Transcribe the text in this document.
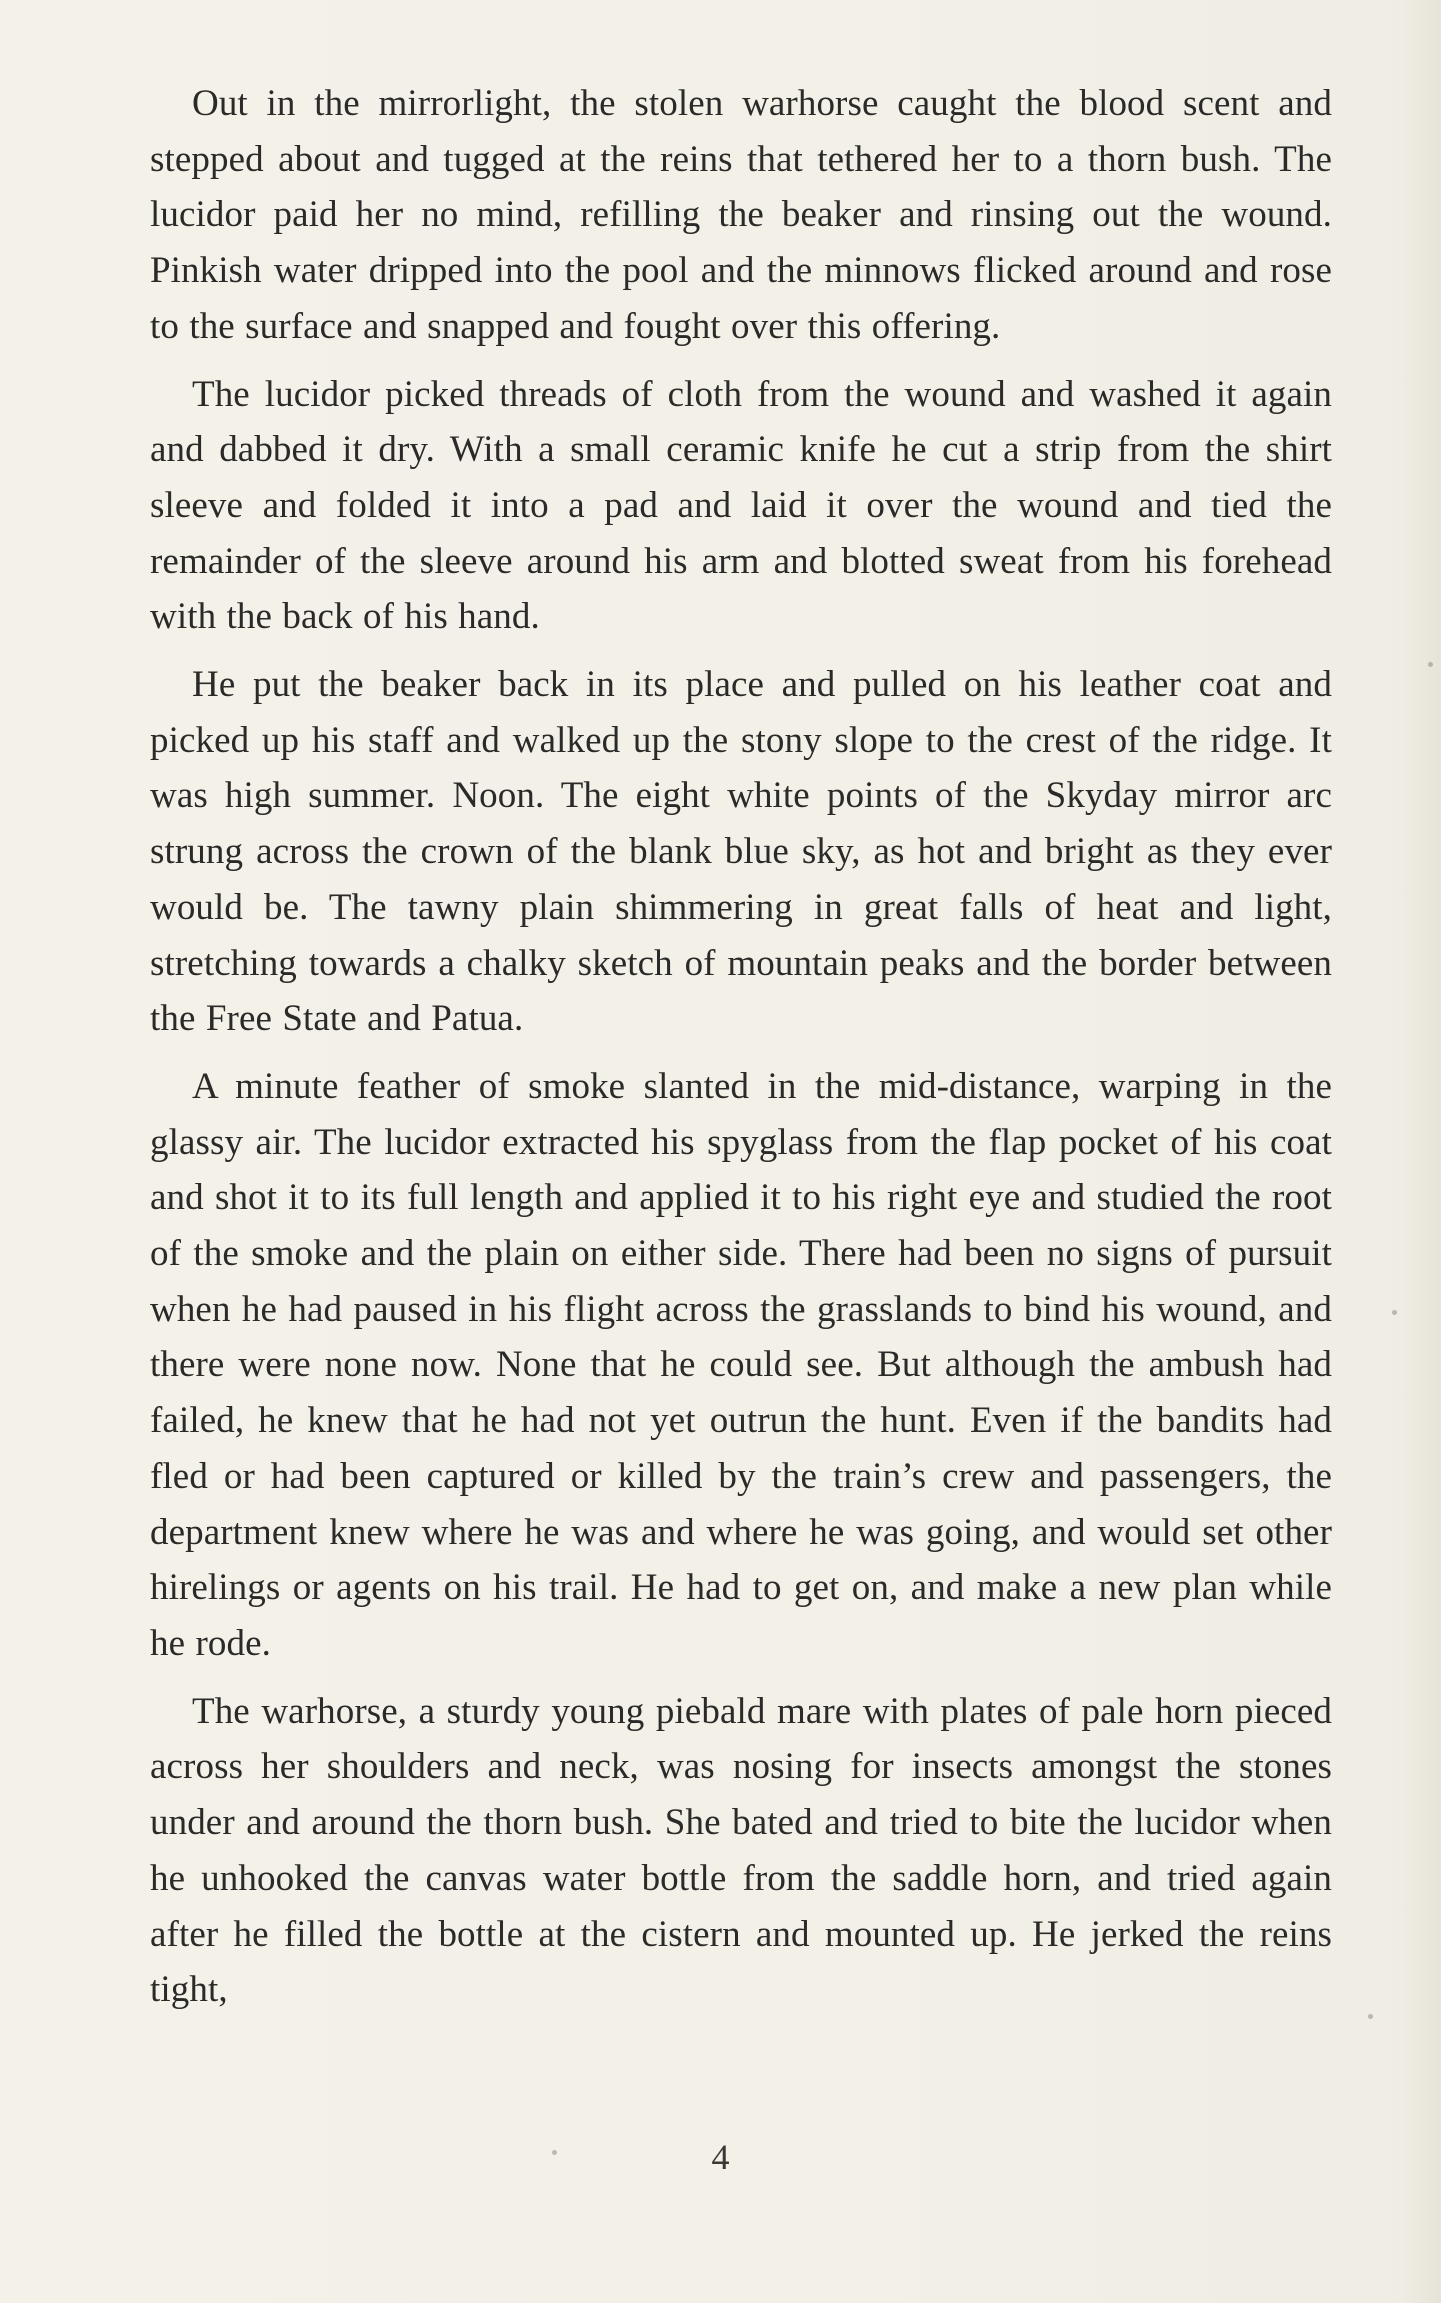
Out in the mirrorlight, the stolen warhorse caught the blood scent and stepped about and tugged at the reins that tethered her to a thorn bush. The lucidor paid her no mind, refilling the beaker and rinsing out the wound. Pinkish water dripped into the pool and the minnows flicked around and rose to the surface and snapped and fought over this offering.

The lucidor picked threads of cloth from the wound and washed it again and dabbed it dry. With a small ceramic knife he cut a strip from the shirt sleeve and folded it into a pad and laid it over the wound and tied the remainder of the sleeve around his arm and blotted sweat from his forehead with the back of his hand.

He put the beaker back in its place and pulled on his leather coat and picked up his staff and walked up the stony slope to the crest of the ridge. It was high summer. Noon. The eight white points of the Skyday mirror arc strung across the crown of the blank blue sky, as hot and bright as they ever would be. The tawny plain shimmering in great falls of heat and light, stretching towards a chalky sketch of mountain peaks and the border between the Free State and Patua.

A minute feather of smoke slanted in the mid-distance, warping in the glassy air. The lucidor extracted his spyglass from the flap pocket of his coat and shot it to its full length and applied it to his right eye and studied the root of the smoke and the plain on either side. There had been no signs of pursuit when he had paused in his flight across the grasslands to bind his wound, and there were none now. None that he could see. But although the ambush had failed, he knew that he had not yet outrun the hunt. Even if the bandits had fled or had been captured or killed by the train’s crew and passengers, the department knew where he was and where he was going, and would set other hirelings or agents on his trail. He had to get on, and make a new plan while he rode.

The warhorse, a sturdy young piebald mare with plates of pale horn pieced across her shoulders and neck, was nosing for insects amongst the stones under and around the thorn bush. She bated and tried to bite the lucidor when he unhooked the canvas water bottle from the saddle horn, and tried again after he filled the bottle at the cistern and mounted up. He jerked the reins tight,

4
